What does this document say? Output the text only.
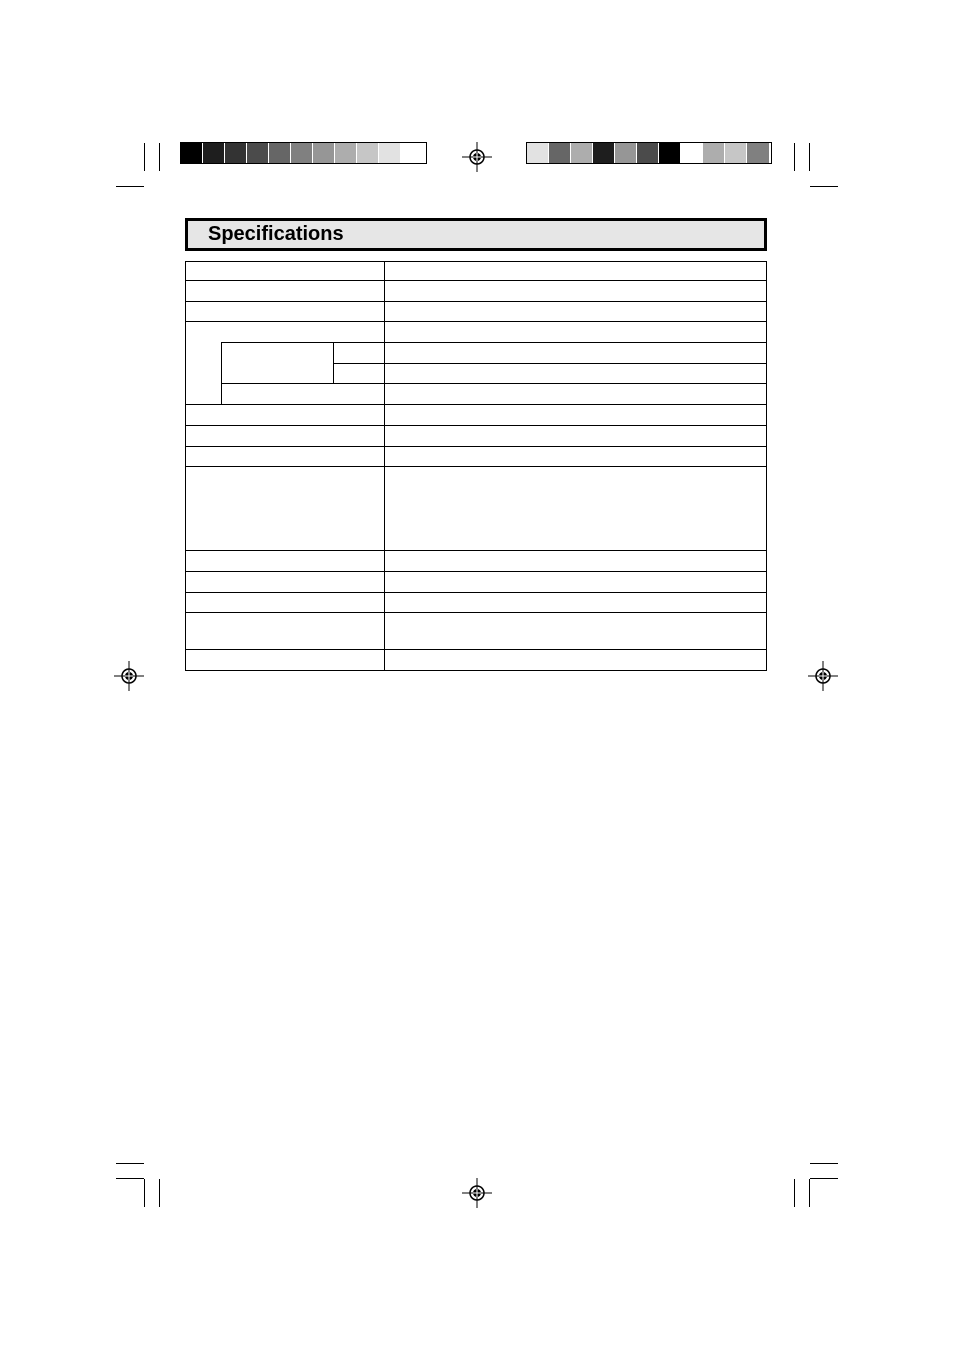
Specifications
